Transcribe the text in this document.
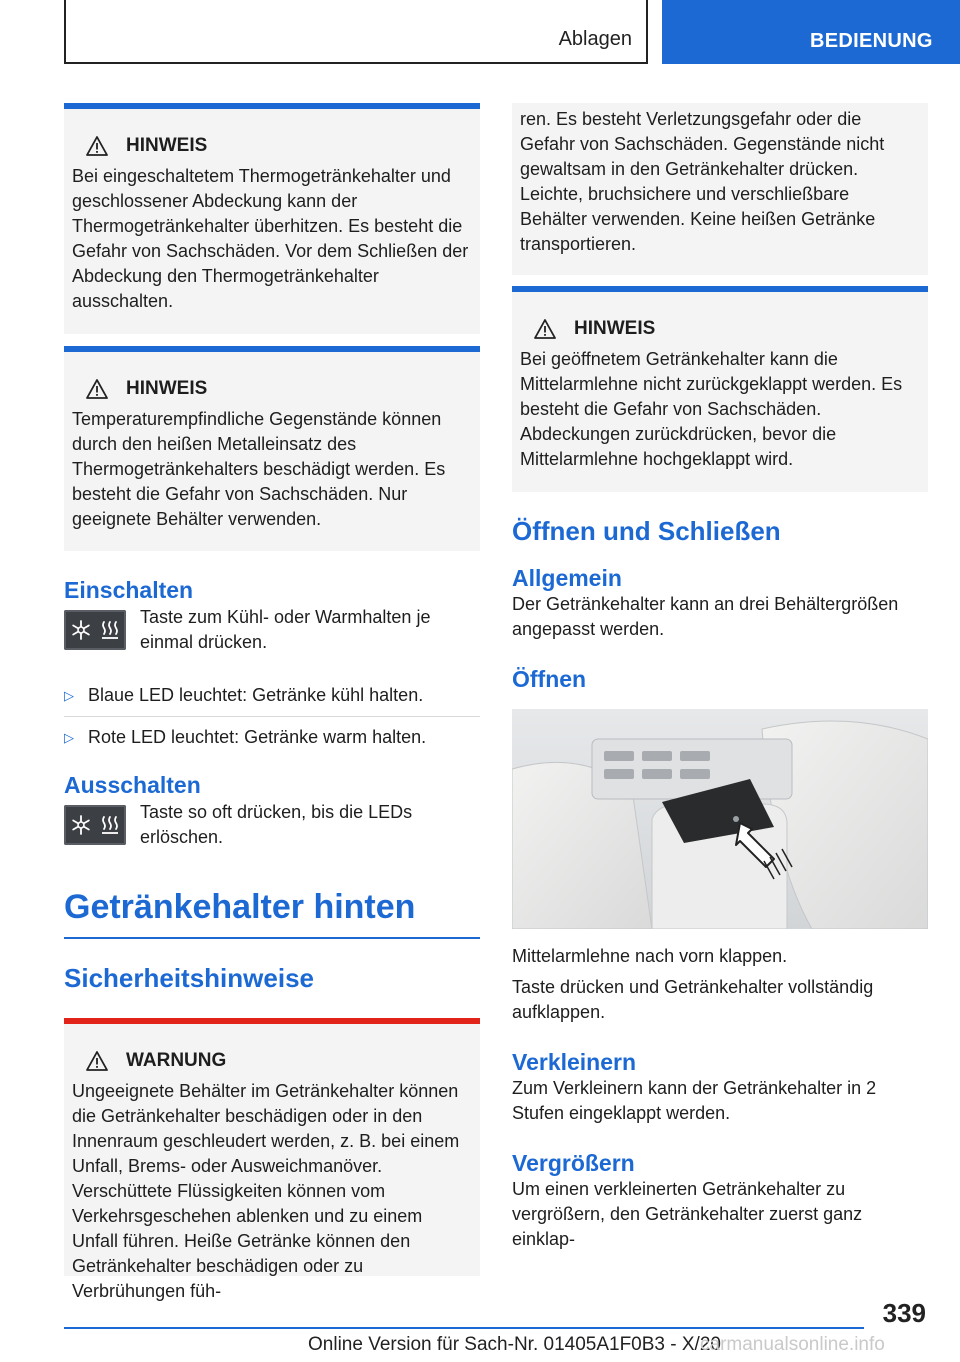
Ablagen	BEDIENUNG
HINWEIS

Bei eingeschaltetem Thermogetränkehalter und geschlossener Abdeckung kann der Thermogetränkehalter überhitzen. Es besteht die Gefahr von Sachschäden. Vor dem Schließen der Abdeckung den Thermogetränkehalter ausschalten.

HINWEIS

Temperaturempfindliche Gegenstände können durch den heißen Metalleinsatz des Thermogetränkehalters beschädigt werden. Es besteht die Gefahr von Sachschäden. Nur geeignete Behälter verwenden.

Einschalten

Taste zum Kühl- oder Warmhalten je einmal drücken.

▷ Blaue LED leuchtet: Getränke kühl halten.
▷ Rote LED leuchtet: Getränke warm halten.
Ausschalten

Taste so oft drücken, bis die LEDs erlöschen.

Getränkehalter hinten
Sicherheitshinweise
WARNUNG

Ungeeignete Behälter im Getränkehalter können die Getränkehalter beschädigen oder in den Innenraum geschleudert werden, z. B. bei einem Unfall, Brems- oder Ausweichmanöver. Verschüttete Flüssigkeiten können vom Verkehrsgeschehen ablenken und zu einem Unfall führen. Heiße Getränke können den Getränkehalter beschädigen oder zu Verbrühungen füh-

ren. Es besteht Verletzungsgefahr oder die Gefahr von Sachschäden. Gegenstände nicht gewaltsam in den Getränkehalter drücken. Leichte, bruchsichere und verschließbare Behälter verwenden. Keine heißen Getränke transportieren.

HINWEIS

Bei geöffnetem Getränkehalter kann die Mittelarmlehne nicht zurückgeklappt werden. Es besteht die Gefahr von Sachschäden. Abdeckungen zurückdrücken, bevor die Mittelarmlehne hochgeklappt wird.

Öffnen und Schließen
Allgemein

Der Getränkehalter kann an drei Behältergrößen angepasst werden.

Öffnen

Mittelarmlehne nach vorn klappen.

Taste drücken und Getränkehalter vollständig aufklappen.

Verkleinern

Zum Verkleinern kann der Getränkehalter in 2 Stufen eingeklappt werden.

Vergrößern

Um einen verkleinerten Getränkehalter zu vergrößern, den Getränkehalter zuerst ganz einklap-

339
Online Version für Sach-Nr. 01405A1F0B3 - X/20
carmanualsonline.info
